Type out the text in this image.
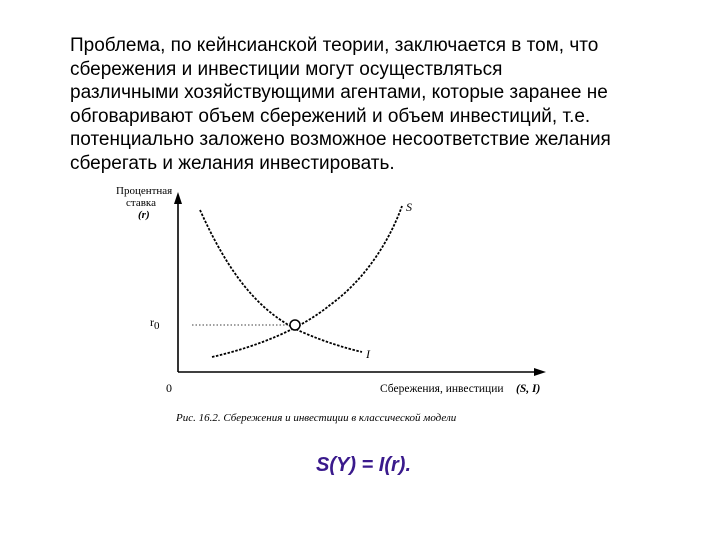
Проблема, по кейнсианской теории, заключается в том, что
сбережения и инвестиции могут осуществляться
различными хозяйствующими агентами, которые заранее не
обговаривают объем сбережений и объем инвестиций, т.е.
потенциально заложено возможное несоответствие желания
сберегать и желания инвестировать.
Процентная
ставка
(r)
Сбережения, инвестиции (S, I)
0
r0
S
I
Рис. 16.2. Сбережения и инвестиции в классической модели
S(Y) = I(r).
